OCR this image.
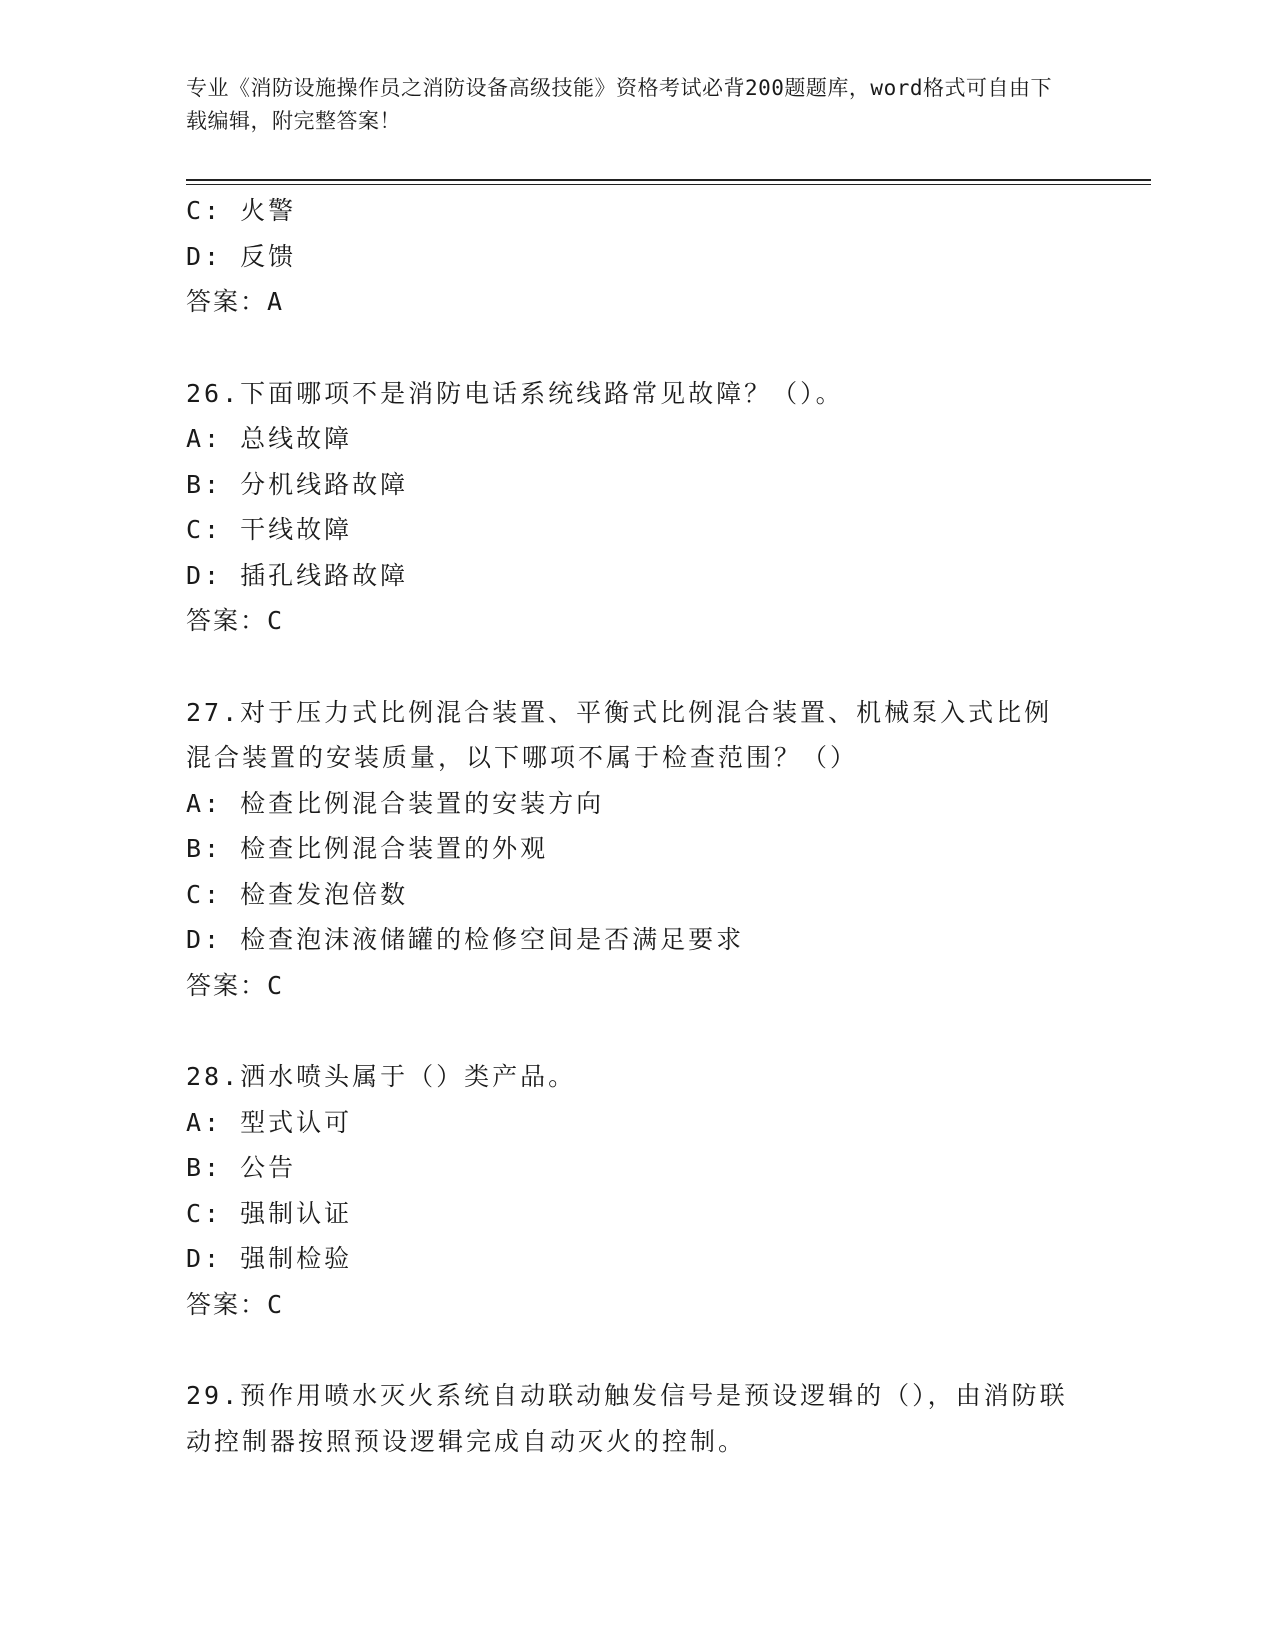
专业《消防设施操作员之消防设备高级技能》资格考试必背200题题库，word格式可自由下载编辑，附完整答案！
C: 火警
D: 反馈
答案：A
26.下面哪项不是消防电话系统线路常见故障？（）。
A: 总线故障
B: 分机线路故障
C: 干线故障
D: 插孔线路故障
答案：C
27.对于压力式比例混合装置、平衡式比例混合装置、机械泵入式比例混合装置的安装质量，以下哪项不属于检查范围？（）
A: 检查比例混合装置的安装方向
B: 检查比例混合装置的外观
C: 检查发泡倍数
D: 检查泡沫液储罐的检修空间是否满足要求
答案：C
28.洒水喷头属于（）类产品。
A: 型式认可
B: 公告
C: 强制认证
D: 强制检验
答案：C
29.预作用喷水灭火系统自动联动触发信号是预设逻辑的（），由消防联动控制器按照预设逻辑完成自动灭火的控制。
